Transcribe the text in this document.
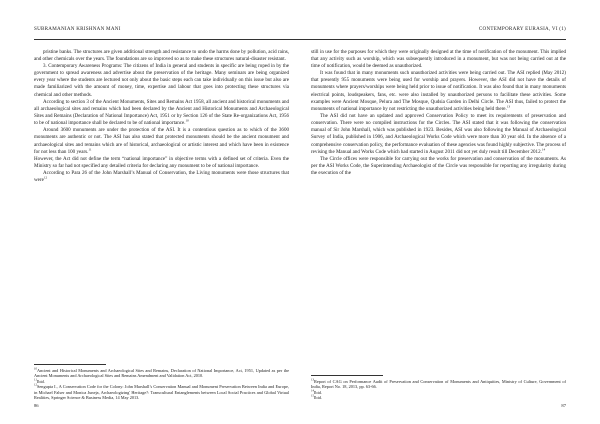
SUBRAMANIAN KRISHNAN MANI	CONTEMPORARY EURASIA, VI (1)

pristine banks. The structures are given additional strength and resistance to undo the harms done by pollution, acid rains, and other chemicals over the years. The foundations are so improved so as to make these structures natural-disaster resistant.

3. Contemporary Awareness Programs: The citizens of India in general and students in specific are being roped in by the government to spread awareness and advertise about the preservation of the heritage. Many seminars are being organized every year where the students are lectured not only about the basic steps each can take individually on this issue but also are made familiarized with the amount of money, time, expertise and labour that goes into protecting these structures via chemical and other methods.

According to section 3 of the Ancient Monuments, Sites and Remains Act 1958, all ancient and historical monuments and all archaeological sites and remains which had been declared by the Ancient and Historical Monuments and Archaeological Sites and Remains (Declaration of National Importance) Act, 1951 or by Section 126 of the State Re-organizations Act, 1956 to be of national importance shall be declared to be of national importance.$^{10}$

Around 3600 monuments are under the protection of the ASI. It is a contentious question as to which of the 3600 monuments are authentic or not. The ASI has also stated that protected monuments should be the ancient monument and archaeological sites and remains which are of historical, archaeological or artistic interest and which have been in existence for not less than 100 years.$^{11}$

However, the Act did not define the term “national importance” in objective terms with a defined set of criteria. Even the Ministry so far had not specified any detailed criteria for declaring any monument to be of national importance.

According to Para 26 of the John Marshall’s Manual of Conservation, the Living monuments were those structures that were$^{12}$

$^{10}$Ancient and Historical Monuments and Archaeological Sites and Remains, Declaration of National Importance, Act, 1951, Updated as per the Ancient Monuments and Archaeological Sites and Remains Amendment and Validation Act, 2010.

$^{11}$Ibid.

$^{12}$Sengupta I., A Conservation Code for the Colony: John Marshall’s Conservation Manual and Monument Preservation Between India and Europe, in Michael Falser and Monica Juneja, Archaeologizing' Heritage?: Transcultural Entanglements between Local Social Practices and Global Virtual Realities, Springer Science & Business Media, 14 May 2013.

still in use for the purposes for which they were originally designed at the time of notification of the monument. This implied that any activity such as worship, which was subsequently introduced in a monument, but was not being carried out at the time of notification, would be deemed as unauthorized.

It was found that in many monuments such unauthorized activities were being carried out. The ASI replied (May 2012) that presently 955 monuments were being used for worship and prayers. However, the ASI did not have the details of monuments where prayers/worships were being held prior to issue of notification. It was also found that in many monuments electrical points, loudspeakers, fans, etc. were also installed by unauthorized persons to facilitate these activities. Some examples were Ancient Mosque, Pelura and The Mosque, Qudsia Garden in Delhi Circle. The ASI thus, failed to protect the monuments of national importance by not restricting the unauthorized activities being held there.$^{13}$

The ASI did not have an updated and approved Conservation Policy to meet its requirements of preservation and conservation. There were no compiled instructions for the Circles. The ASI stated that it was following the conservation manual of Sir John Marshall, which was published in 1923. Besides, ASI was also following the Manual of Archaeological Survey of India, published in 1906, and Archaeological Works Code which were more than 30 year old. In the absence of a comprehensive conservation policy, the performance evaluation of these agencies was found highly subjective. The process of revising the Manual and Works Code which had started in August 2011 did not yet duly result till December 2012.14

The Circle offices were responsible for carrying out the works for preservation and conservation of the monuments. As per the ASI Works Code, the Superintending Archaeologist of the Circle was responsible for reporting any irregularity during the execution of the

$^{13}$Report of CAG on Performance Audit of Preservation and Conservation of Monuments and Antiquities, Ministry of Culture, Government of India, Report No. 18, 2013, pp. 63-66.

$^{14}$Ibid.

$^{15}$Ibid.

86	87
